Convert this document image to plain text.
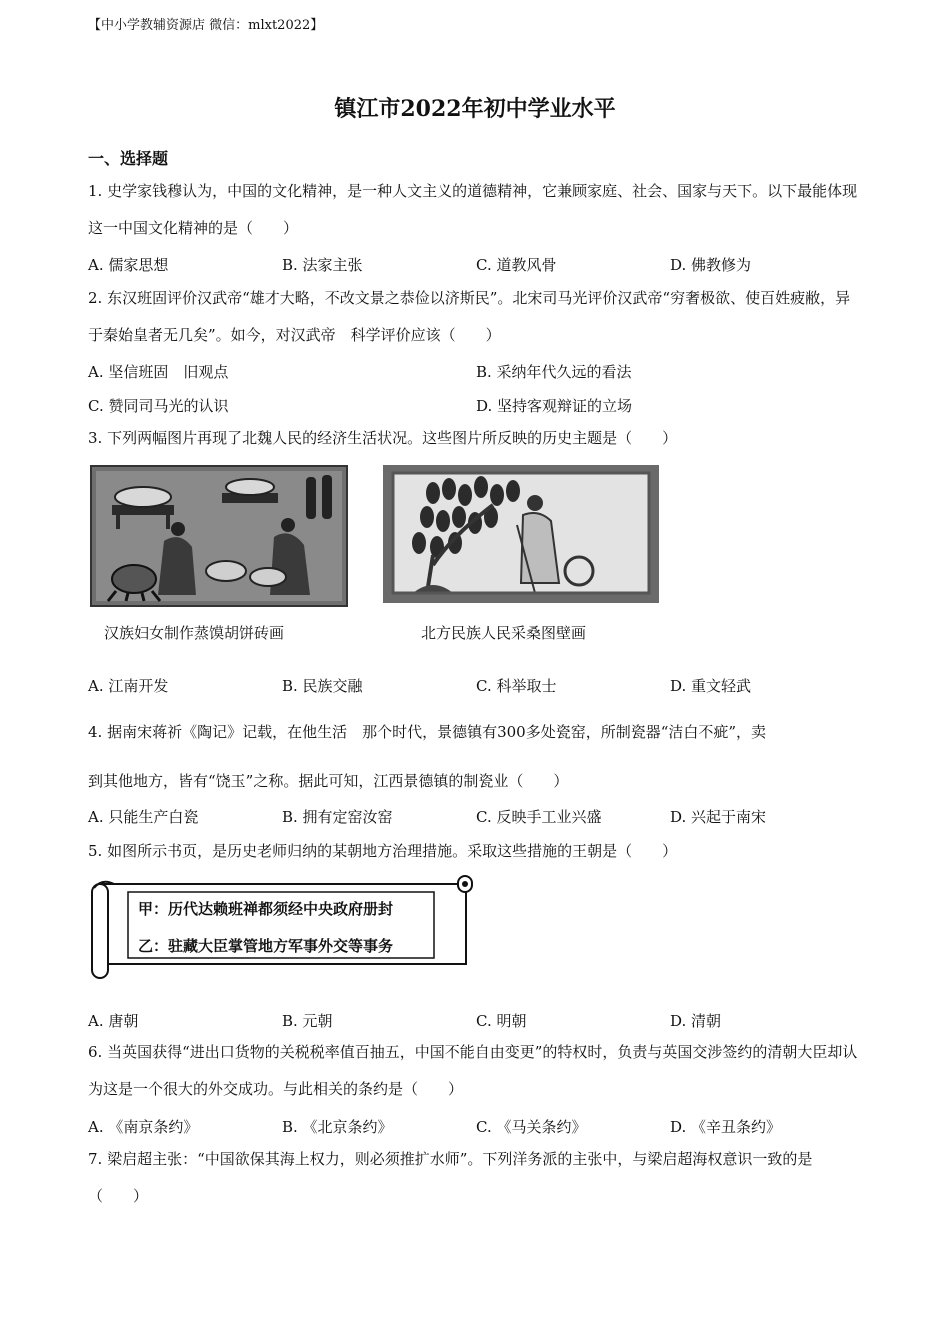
【中小学教辅资源店 微信：mlxt2022】
镇江市2022年初中学业水平
一、选择题

1. 史学家钱穆认为，中国的文化精神，是一种人文主义的道德精神，它兼顾家庭、社会、国家与天下。以下最能体现这一中国文化精神的是（　　）

A. 儒家思想	B. 法家主张	C. 道教风骨	D. 佛教修为

2. 东汉班固评价汉武帝“雄才大略，不改文景之恭俭以济斯民”。北宋司马光评价汉武帝“穷奢极欲、使百姓疲敝，异于秦始皇者无几矣”。如今，对汉武帝　科学评价应该（　　）

A. 坚信班固　旧观点	B. 采纳年代久远的看法
C. 赞同司马光的认识	D. 坚持客观辩证的立场

3. 下列两幅图片再现了北魏人民的经济生活状况。这些图片所反映的历史主题是（　　）

汉族妇女制作蒸馍胡饼砖画	北方民族人民采桑图壁画
A. 江南开发	B. 民族交融	C. 科举取士	D. 重文轻武
4. 据南宋蒋祈《陶记》记载，在他生活　那个时代，景德镇有300多处瓷窑，所制瓷器“洁白不疵”，卖
到其他地方，皆有“饶玉”之称。据此可知，江西景德镇的制瓷业（　　）
A. 只能生产白瓷	B. 拥有定窑汝窑	C. 反映手工业兴盛	D. 兴起于南宋
5. 如图所示书页，是历史老师归纳的某朝地方治理措施。采取这些措施的王朝是（　　）
甲：历代达赖班禅都须经中央政府册封
乙：驻藏大臣掌管地方军事外交等事务
A. 唐朝	B. 元朝	C. 明朝	D. 清朝

6. 当英国获得“进出口货物的关税税率值百抽五，中国不能自由变更”的特权时，负责与英国交涉签约的清朝大臣却认为这是一个很大的外交成功。与此相关的条约是（　　）

A. 《南京条约》	B. 《北京条约》	C. 《马关条约》	D. 《辛丑条约》

7. 梁启超主张：“中国欲保其海上权力，则必须推扩水师”。下列洋务派的主张中，与梁启超海权意识一致的是（　　）
